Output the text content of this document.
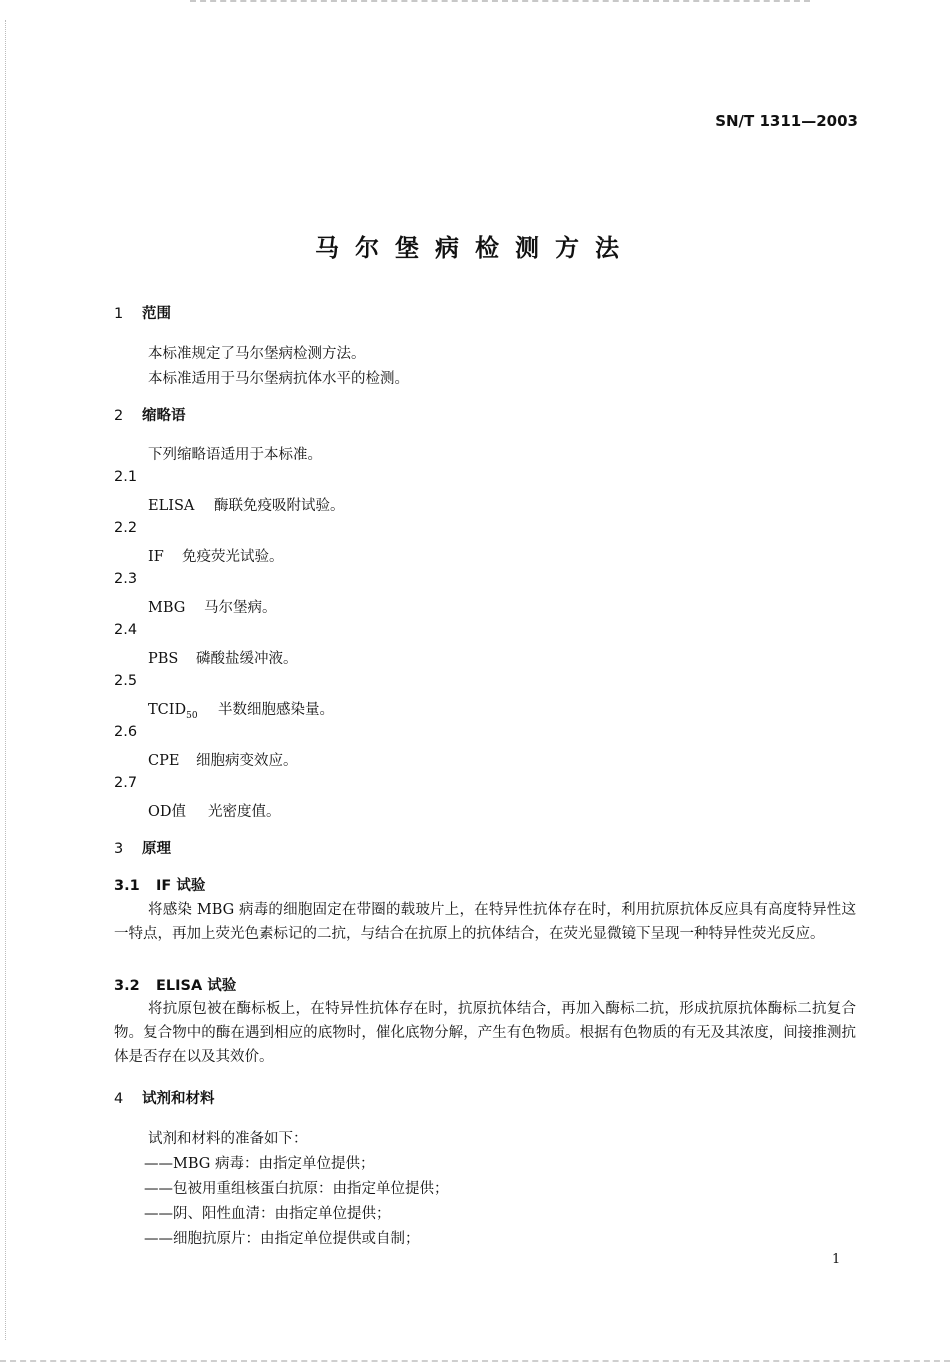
SN/T 1311—2003
马尔堡病检测方法
1 范围
本标准规定了马尔堡病检测方法。
本标准适用于马尔堡病抗体水平的检测。
2 缩略语
下列缩略语适用于本标准。
2.1
ELISA 酶联免疫吸附试验。
2.2
IF 免疫荧光试验。
2.3
MBG 马尔堡病。
2.4
PBS 磷酸盐缓冲液。
2.5
$TCID_{50}$ 半数细胞感染量。
2.6
CPE 细胞病变效应。
2.7
OD值 光密度值。
3 原理
3.1 IF 试验
将感染 MBG 病毒的细胞固定在带圈的载玻片上，在特异性抗体存在时，利用抗原抗体反应具有高度特异性这一特点，再加上荧光色素标记的二抗，与结合在抗原上的抗体结合，在荧光显微镜下呈现一种特异性荧光反应。
3.2 ELISA 试验
将抗原包被在酶标板上，在特异性抗体存在时，抗原抗体结合，再加入酶标二抗，形成抗原抗体酶标二抗复合物。复合物中的酶在遇到相应的底物时，催化底物分解，产生有色物质。根据有色物质的有无及其浓度，间接推测抗体是否存在以及其效价。
4 试剂和材料
试剂和材料的准备如下：
——MBG 病毒：由指定单位提供；
——包被用重组核蛋白抗原：由指定单位提供；
——阴、阳性血清：由指定单位提供；
——细胞抗原片：由指定单位提供或自制；
1
